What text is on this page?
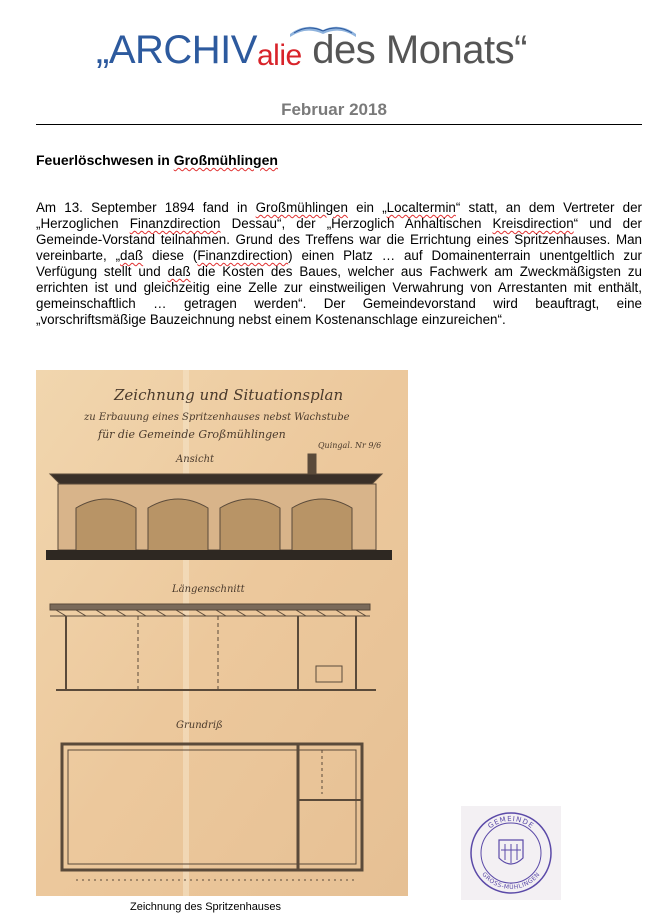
„ARCHIValie des Monats“
Februar 2018
Feuerlöschwesen in Großmühlingen
Am 13. September 1894 fand in Großmühlingen ein „Localtermin“ statt, an dem Vertreter der „Herzoglichen Finanzdirection Dessau“, der „Herzoglich Anhaltischen Kreisdirection“ und der Gemeinde-Vorstand teilnahmen. Grund des Treffens war die Errichtung eines Spritzenhauses. Man vereinbarte, „daß diese (Finanzdirection) einen Platz … auf Domainenterrain unentgeltlich zur Verfügung stellt und daß die Kosten des Baues, welcher aus Fachwerk am Zweckmäßigsten zu errichten ist und gleichzeitig eine Zelle zur einstweiligen Verwahrung von Arrestanten mit enthält, gemeinschaftlich … getragen werden“. Der Gemeindevorstand wird beauftragt, eine „vorschriftsmäßige Bauzeichnung nebst einem Kostenanschlage einzureichen“.
Zeichnung und Situationsplan
zu Erbauung eines Spritzenhauses nebst Wachstube
für die Gemeinde Großmühlingen
Quingal. Nr 9/6
Ansicht
Längenschnitt
Grundriß
Zeichnung des Spritzenhauses
GEMEINDE
GROSS-MÜHLINGEN
